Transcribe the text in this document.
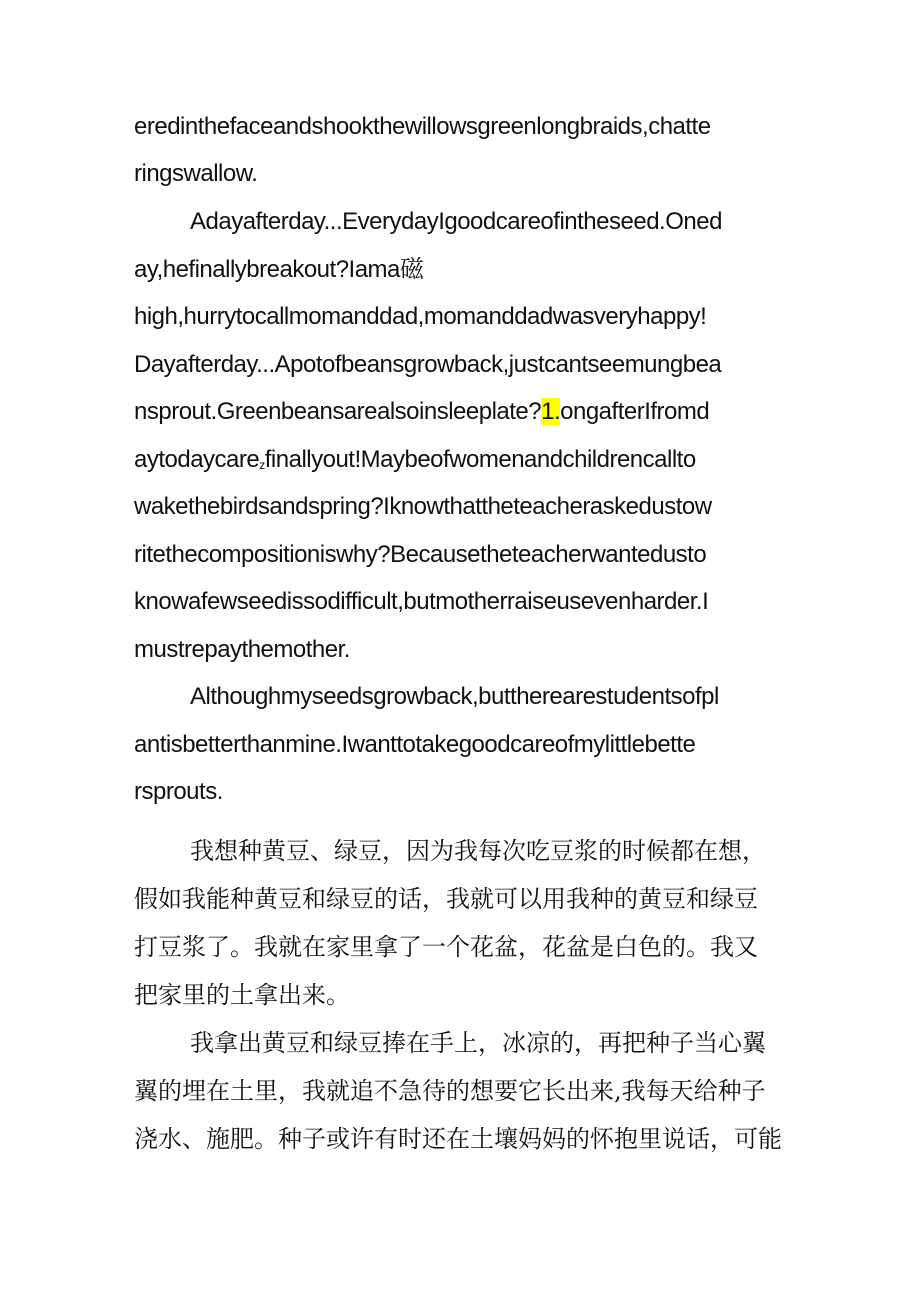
eredinthefaceandshookthewillowsgreenlongbraids,chatte
ringswallow.
Adayafterday...EverydayIgoodcareofintheseed.Oned
ay,hefinallybreakout?Iama磁
high,hurrytocallmomanddad,momanddadwasveryhappy!
Dayafterday...Apotofbeansgrowback,justcantseemungbea
nsprout.Greenbeansarealsoinsleeplate?1.ongafterIfromd
aytodaycarezfinallyout!Maybeofwomenandchildrencallto
wakethebirdsandspring?Iknowthattheteacheraskedustow
ritethecompositioniswhy?Becausetheteacherwantedusto
knowafewseedissodifficult,butmotherraiseusevenharder.I
mustrepaythemother.
Althoughmyseedsgrowback,buttherearestudentsofpl
antisbetterthanmine.Iwanttotakegoodcareofmylittlebette
rsprouts.
我想种黄豆、绿豆，因为我每次吃豆浆的时候都在想，
假如我能种黄豆和绿豆的话，我就可以用我种的黄豆和绿豆
打豆浆了。我就在家里拿了一个花盆，花盆是白色的。我又
把家里的土拿出来。
我拿出黄豆和绿豆捧在手上，冰凉的，再把种子当心翼
翼的埋在土里，我就追不急待的想要它长出来,我每天给种子
浇水、施肥。种子或许有时还在土壤妈妈的怀抱里说话，可能
